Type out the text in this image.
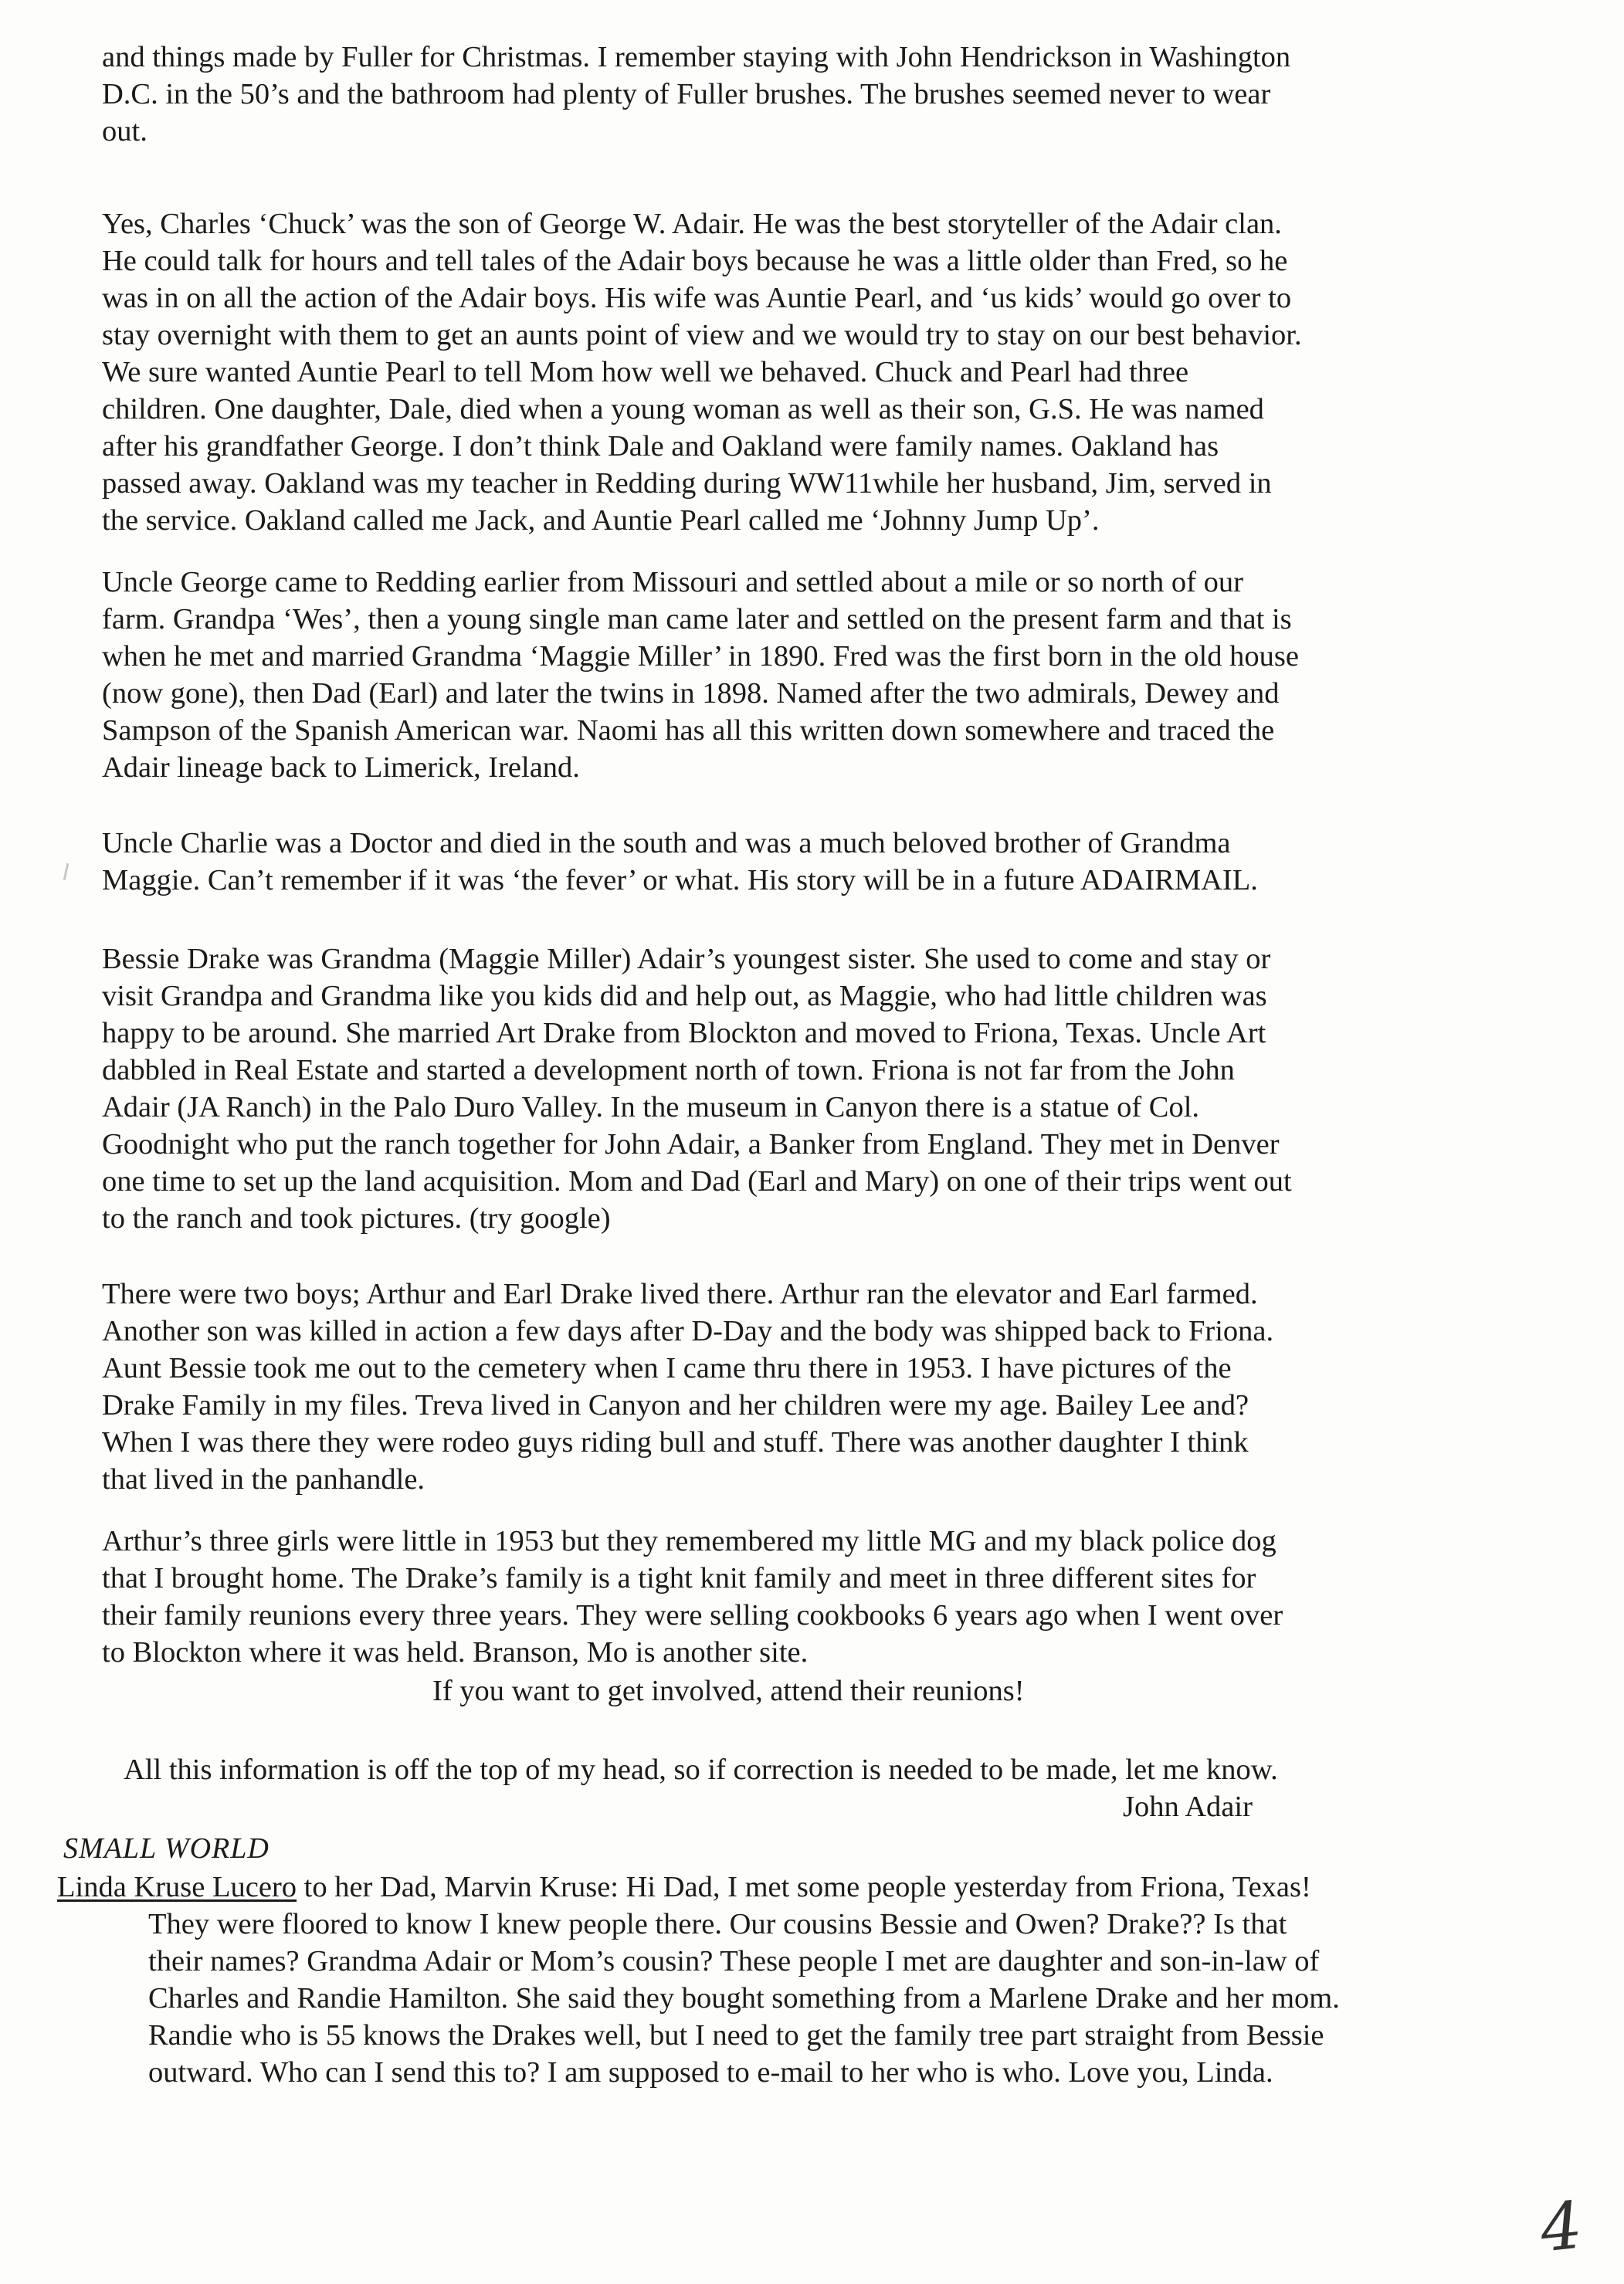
and things made by Fuller for Christmas. I remember staying with John Hendrickson in Washington
D.C. in the 50’s and the bathroom had plenty of Fuller brushes. The brushes seemed never to wear
out.
Yes, Charles ‘Chuck’ was the son of George W. Adair. He was the best storyteller of the Adair clan.
He could talk for hours and tell tales of the Adair boys because he was a little older than Fred, so he
was in on all the action of the Adair boys. His wife was Auntie Pearl, and ‘us kids’ would go over to
stay overnight with them to get an aunts point of view and we would try to stay on our best behavior.
We sure wanted Auntie Pearl to tell Mom how well we behaved. Chuck and Pearl had three
children. One daughter, Dale, died when a young woman as well as their son, G.S. He was named
after his grandfather George. I don’t think Dale and Oakland were family names. Oakland has
passed away. Oakland was my teacher in Redding during WW11while her husband, Jim, served in
the service. Oakland called me Jack, and Auntie Pearl called me ‘Johnny Jump Up’.
Uncle George came to Redding earlier from Missouri and settled about a mile or so north of our
farm. Grandpa ‘Wes’, then a young single man came later and settled on the present farm and that is
when he met and married Grandma ‘Maggie Miller’ in 1890. Fred was the first born in the old house
(now gone), then Dad (Earl) and later the twins in 1898. Named after the two admirals, Dewey and
Sampson of the Spanish American war. Naomi has all this written down somewhere and traced the
Adair lineage back to Limerick, Ireland.
Uncle Charlie was a Doctor and died in the south and was a much beloved brother of Grandma
Maggie. Can’t remember if it was ‘the fever’ or what. His story will be in a future ADAIRMAIL.
Bessie Drake was Grandma (Maggie Miller) Adair’s youngest sister. She used to come and stay or
visit Grandpa and Grandma like you kids did and help out, as Maggie, who had little children was
happy to be around. She married Art Drake from Blockton and moved to Friona, Texas. Uncle Art
dabbled in Real Estate and started a development north of town. Friona is not far from the John
Adair (JA Ranch) in the Palo Duro Valley. In the museum in Canyon there is a statue of Col.
Goodnight who put the ranch together for John Adair, a Banker from England. They met in Denver
one time to set up the land acquisition. Mom and Dad (Earl and Mary) on one of their trips went out
to the ranch and took pictures. (try google)
There were two boys; Arthur and Earl Drake lived there. Arthur ran the elevator and Earl farmed.
Another son was killed in action a few days after D-Day and the body was shipped back to Friona.
Aunt Bessie took me out to the cemetery when I came thru there in 1953. I have pictures of the
Drake Family in my files. Treva lived in Canyon and her children were my age. Bailey Lee and?
When I was there they were rodeo guys riding bull and stuff. There was another daughter I think
that lived in the panhandle.
Arthur’s three girls were little in 1953 but they remembered my little MG and my black police dog
that I brought home. The Drake’s family is a tight knit family and meet in three different sites for
their family reunions every three years. They were selling cookbooks 6 years ago when I went over
to Blockton where it was held. Branson, Mo is another site.
If you want to get involved, attend their reunions!
All this information is off the top of my head, so if correction is needed to be made, let me know.
John Adair
SMALL WORLD
Linda Kruse Lucero to her Dad, Marvin Kruse: Hi Dad, I met some people yesterday from Friona, Texas!
They were floored to know I knew people there. Our cousins Bessie and Owen? Drake?? Is that
their names? Grandma Adair or Mom’s cousin? These people I met are daughter and son-in-law of
Charles and Randie Hamilton. She said they bought something from a Marlene Drake and her mom.
Randie who is 55 knows the Drakes well, but I need to get the family tree part straight from Bessie
outward. Who can I send this to? I am supposed to e-mail to her who is who. Love you, Linda.
4
